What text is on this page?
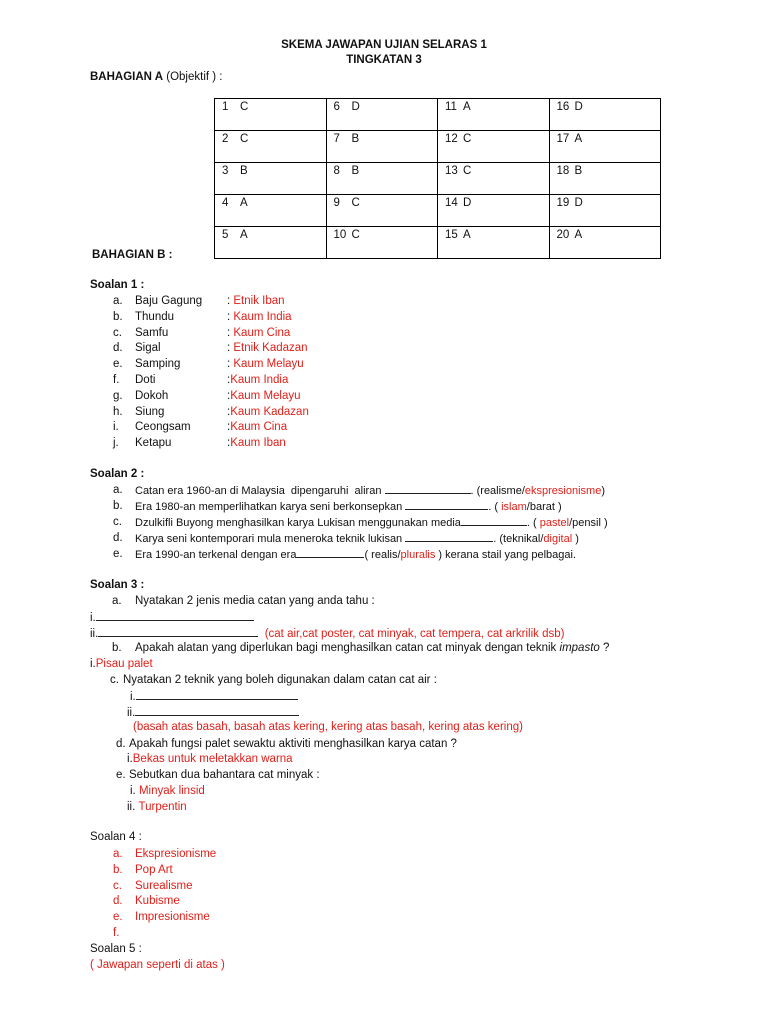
SKEMA JAWAPAN UJIAN SELARAS 1
TINGKATAN 3
BAHAGIAN A (Objektif ) :
1 C	6 D	11 A	16 D
2 C	7 B	12 C	17 A
3 B	8 B	13 C	18 B
4 A	9 C	14 D	19 D
5 A	10 C	15 A	20 A
BAHAGIAN B :
Soalan 1 :
a. Baju Gagung : Etnik Iban
b. Thundu	: Kaum India
c. Samfu	: Kaum Cina
d. Sigal	: Etnik Kadazan
e. Samping	: Kaum Melayu
f. Doti	:Kaum India
g. Dokoh	:Kaum Melayu
h. Siung	:Kaum Kadazan
i. Ceongsam	:Kaum Cina
j. Ketapu	:Kaum Iban
Soalan 2 :
a. Catan era 1960-an di Malaysia  dipengaruhi  aliran	. (realisme/ekspresionisme)
b. Era 1980-an memperlihatkan karya seni berkonsepkan	. ( islam/barat )
c. Dzulkifli Buyong menghasilkan karya Lukisan menggunakan media	. ( pastel/pensil )
d. Karya seni kontemporari mula meneroka teknik lukisan	. (teknikal/digital )
e. Era 1990-an terkenal dengan era	( realis/pluralis ) kerana stail yang pelbagai.
Soalan 3 :
a. Nyatakan 2 jenis media catan yang anda tahu :
i.
ii.	(cat air,cat poster, cat minyak, cat tempera, cat arkrilik dsb)
b. Apakah alatan yang diperlukan bagi menghasilkan catan cat minyak dengan teknik impasto ?
i.Pisau palet
c. Nyatakan 2 teknik yang boleh digunakan dalam catan cat air :
i.
ii.
(basah atas basah, basah atas kering, kering atas basah, kering atas kering)
d. Apakah fungsi palet sewaktu aktiviti menghasilkan karya catan ?
i.Bekas untuk meletakkan warna
e. Sebutkan dua bahantara cat minyak :
i. Minyak linsid
ii. Turpentin
Soalan 4 :
a. Ekspresionisme
b. Pop Art
c. Surealisme
d. Kubisme
e. Impresionisme
f.
Soalan 5 :
( Jawapan seperti di atas )
